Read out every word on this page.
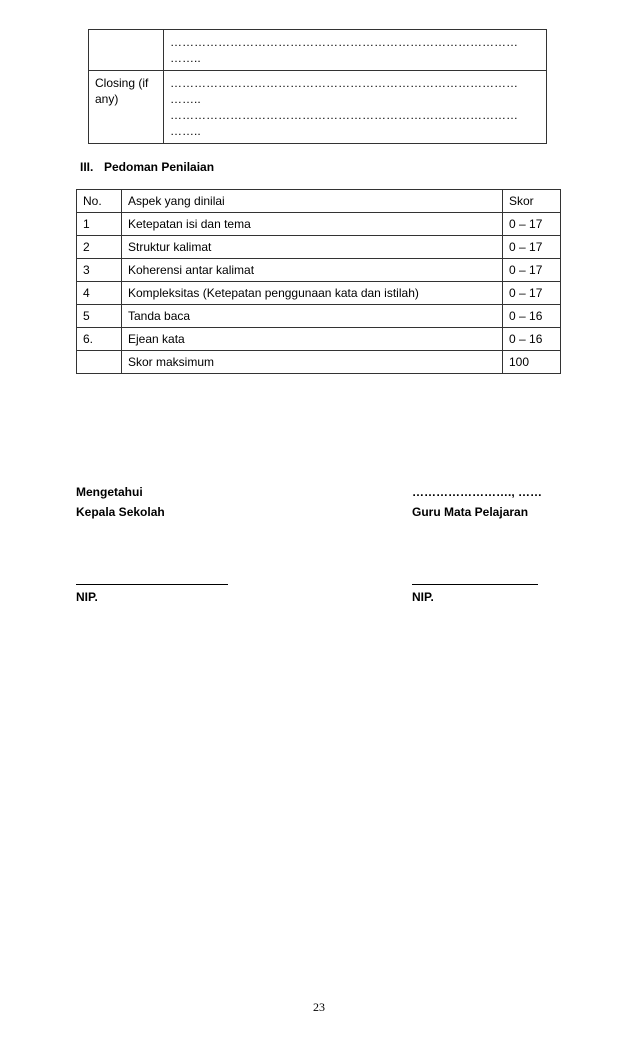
	……………………………………………………………………………
……..

Closing (if any)	……………………………………………………………………………
……..
……………………………………………………………………………
……..
III. Pedoman Penilaian
No.	Aspek yang dinilai	Skor
1	Ketepatan isi dan tema	0 – 17
2	Struktur kalimat	0 – 17
3	Koherensi antar kalimat	0 – 17
4	Kompleksitas (Ketepatan penggunaan kata dan istilah)	0 – 17
5	Tanda baca	0 – 16
6.	Ejean kata	0 – 16
	Skor maksimum	100
Mengetahui
Kepala Sekolah
NIP.
……………………., ……
Guru Mata Pelajaran
NIP.
23
